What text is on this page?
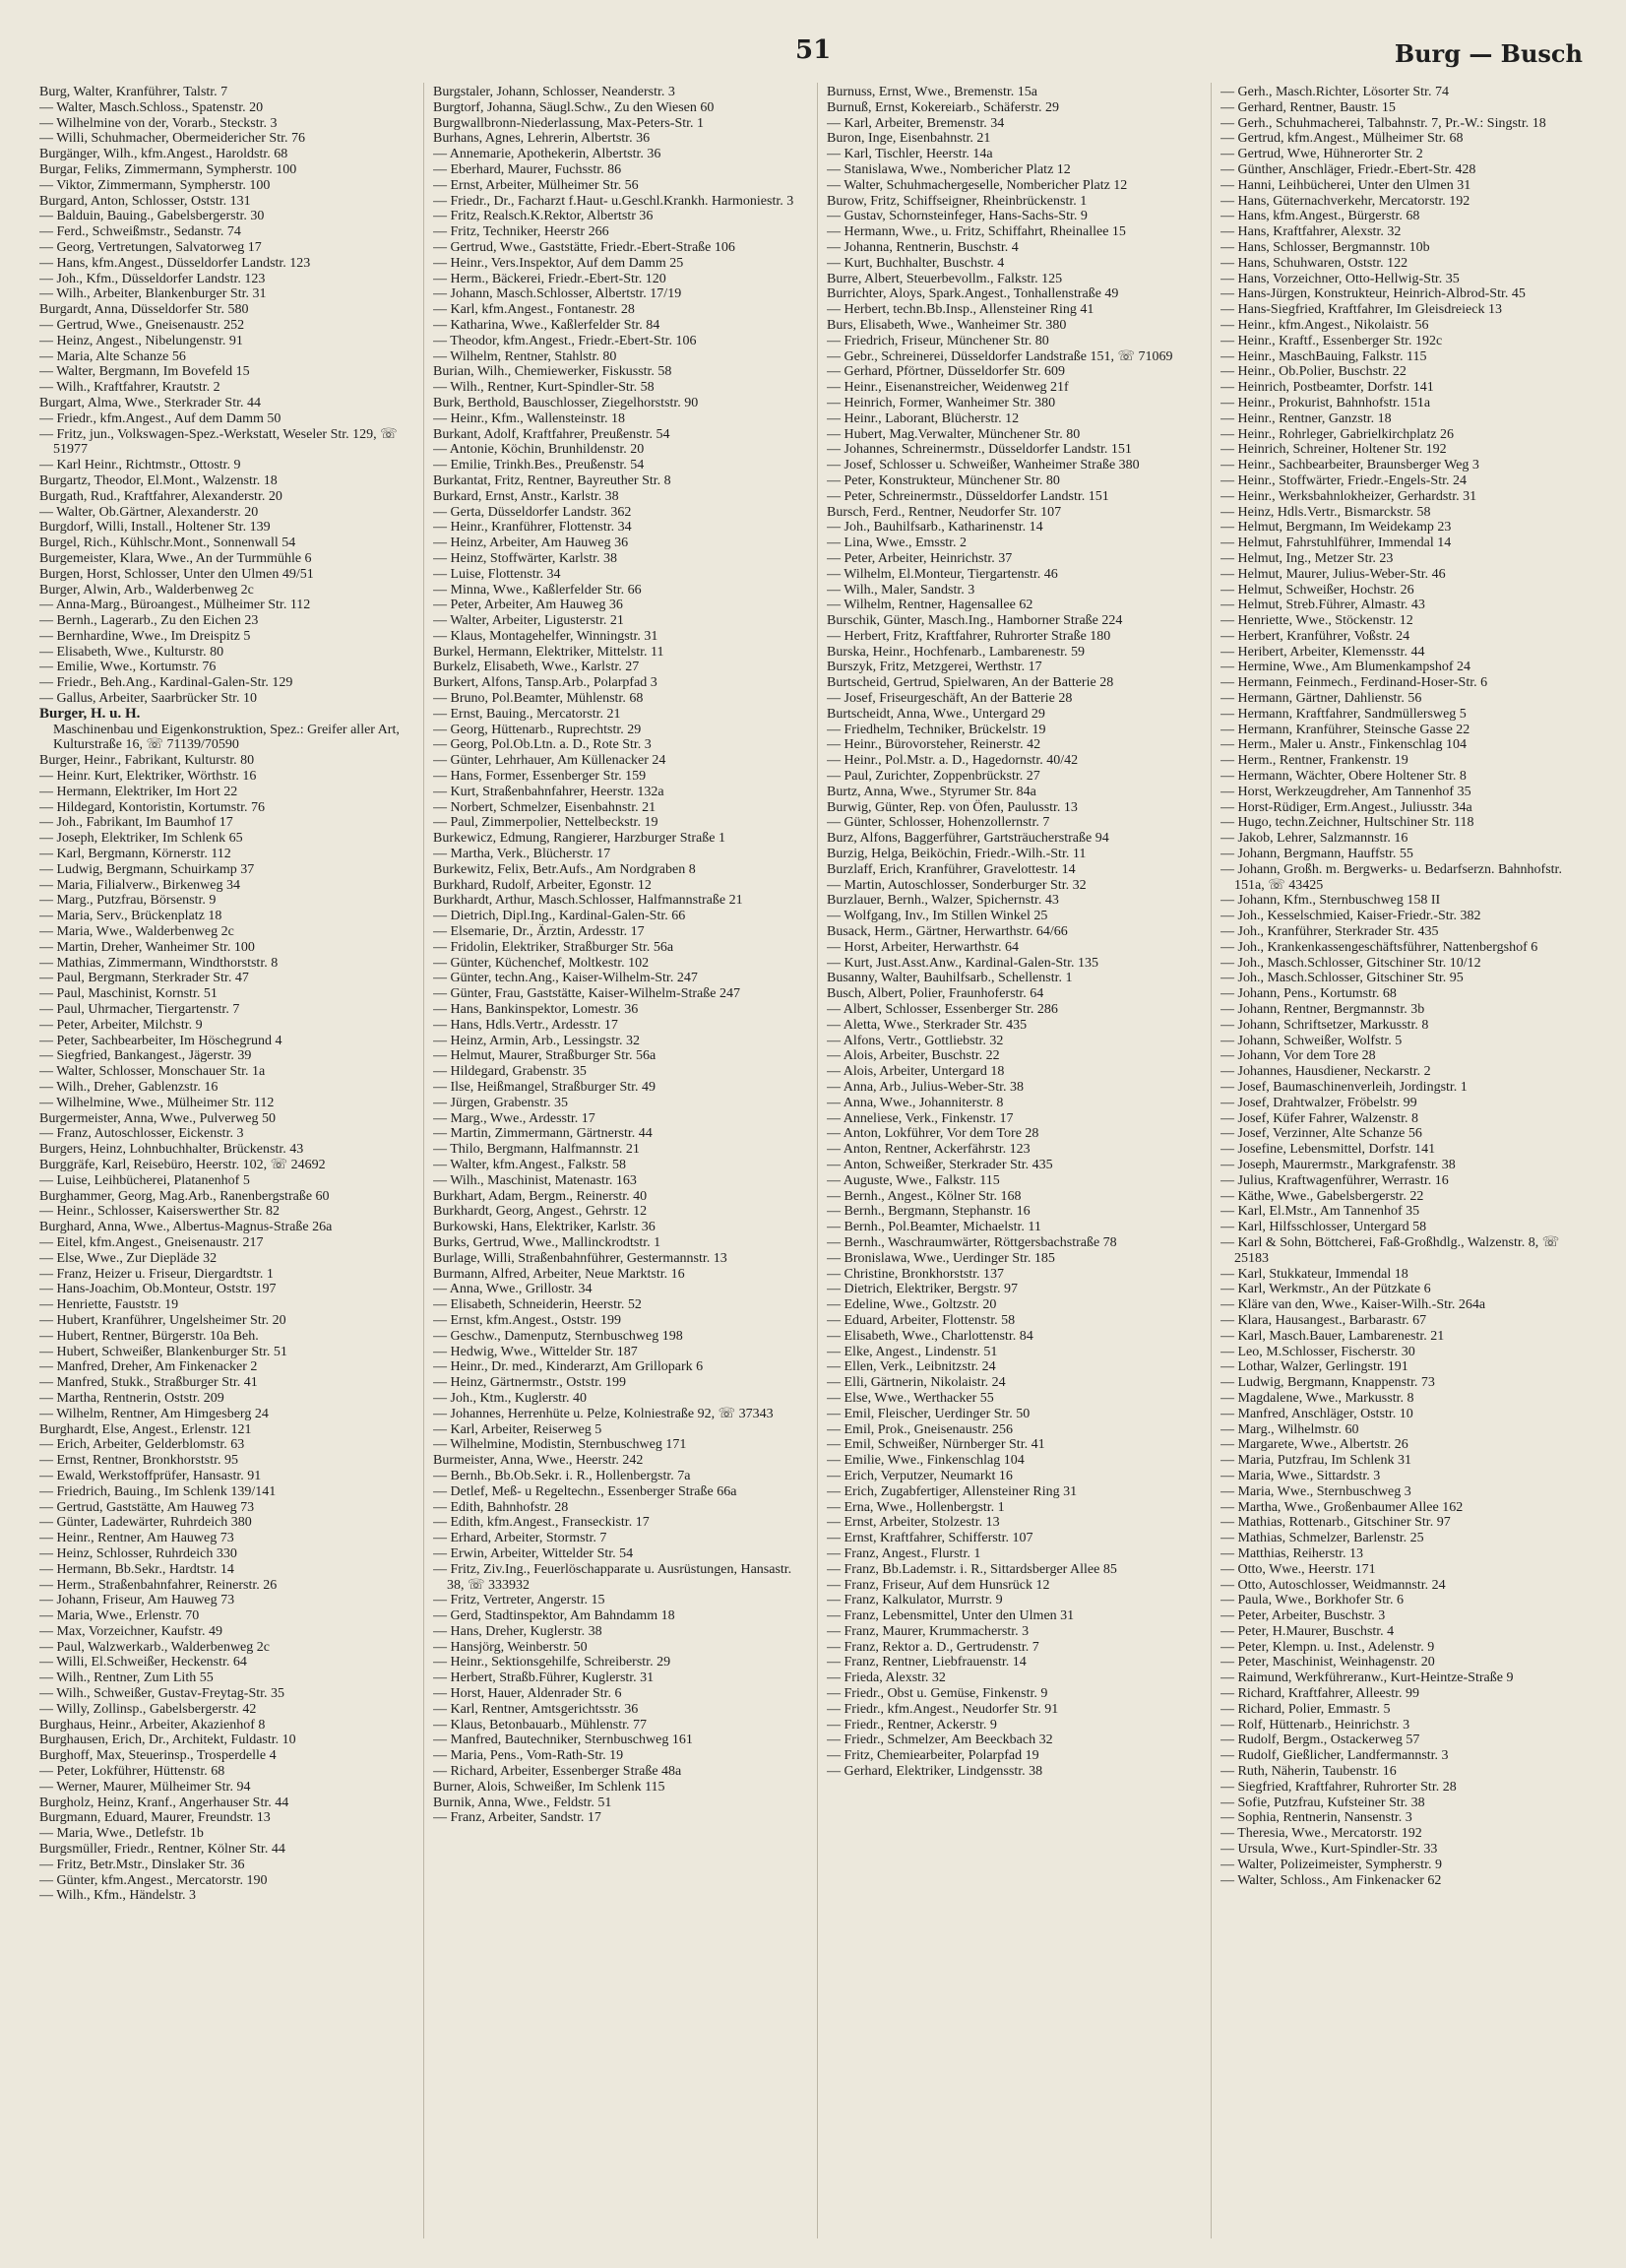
51	Burg — Busch
Burg, Walter, Kranführer, Talstr. 7
— Walter, Masch.Schloss., Spatenstr. 20
— Wilhelmine von der, Vorarb., Steckstr. 3
— Willi, Schuhmacher, Obermeidericher Str. 76
Burgänger, Wilh., kfm.Angest., Haroldstr. 68
Burgar, Feliks, Zimmermann, Sympherstr. 100
— Viktor, Zimmermann, Sympherstr. 100
Burgard, Anton, Schlosser, Oststr. 131
— Balduin, Bauing., Gabelsbergerstr. 30
— Ferd., Schweißmstr., Sedanstr. 74
— Georg, Vertretungen, Salvatorweg 17
— Hans, kfm.Angest., Düsseldorfer Landstr. 123
— Joh., Kfm., Düsseldorfer Landstr. 123
— Wilh., Arbeiter, Blankenburger Str. 31
Burgardt, Anna, Düsseldorfer Str. 580
— Gertrud, Wwe., Gneisenaustr. 252
— Heinz, Angest., Nibelungenstr. 91
— Maria, Alte Schanze 56
— Walter, Bergmann, Im Bovefeld 15
— Wilh., Kraftfahrer, Krautstr. 2
Burgart, Alma, Wwe., Sterkrader Str. 44
— Friedr., kfm.Angest., Auf dem Damm 50
— Fritz, jun., Volkswagen-Spez.-Werkstatt, Weseler Str. 129, ☏ 51977
— Karl Heinr., Richtmstr., Ottostr. 9
Burgartz, Theodor, El.Mont., Walzenstr. 18
Burgath, Rud., Kraftfahrer, Alexanderstr. 20
— Walter, Ob.Gärtner, Alexanderstr. 20
Burgdorf, Willi, Install., Holtener Str. 139
Burgel, Rich., Kühlschr.Mont., Sonnenwall 54
Burgemeister, Klara, Wwe., An der Turmmühle 6
Burgen, Horst, Schlosser, Unter den Ulmen 49/51
Burger, Alwin, Arb., Walderbenweg 2c
— Anna-Marg., Büroangest., Mülheimer Str. 112
— Bernh., Lagerarb., Zu den Eichen 23
— Bernhardine, Wwe., Im Dreispitz 5
— Elisabeth, Wwe., Kulturstr. 80
— Emilie, Wwe., Kortumstr. 76
— Friedr., Beh.Ang., Kardinal-Galen-Str. 129
— Gallus, Arbeiter, Saarbrücker Str. 10
Burger, H. u. H.
Maschinenbau und Eigenkonstruktion, Spez.: Greifer aller Art, Kulturstraße 16, ☏ 71139/70590
Burger, Heinr., Fabrikant, Kulturstr. 80
— Heinr. Kurt, Elektriker, Wörthstr. 16
— Hermann, Elektriker, Im Hort 22
— Hildegard, Kontoristin, Kortumstr. 76
— Joh., Fabrikant, Im Baumhof 17
— Joseph, Elektriker, Im Schlenk 65
— Karl, Bergmann, Körnerstr. 112
— Ludwig, Bergmann, Schuirkamp 37
— Maria, Filialverw., Birkenweg 34
— Marg., Putzfrau, Börsenstr. 9
— Maria, Serv., Brückenplatz 18
— Maria, Wwe., Walderbenweg 2c
— Martin, Dreher, Wanheimer Str. 100
— Mathias, Zimmermann, Windthorststr. 8
— Paul, Bergmann, Sterkrader Str. 47
— Paul, Maschinist, Kornstr. 51
— Paul, Uhrmacher, Tiergartenstr. 7
— Peter, Arbeiter, Milchstr. 9
— Peter, Sachbearbeiter, Im Höschegrund 4
— Siegfried, Bankangest., Jägerstr. 39
— Walter, Schlosser, Monschauer Str. 1a
— Wilh., Dreher, Gablenzstr. 16
— Wilhelmine, Wwe., Mülheimer Str. 112
Burgermeister, Anna, Wwe., Pulverweg 50
— Franz, Autoschlosser, Eickenstr. 3
Burgers, Heinz, Lohnbuchhalter, Brückenstr. 43
Burggräfe, Karl, Reisebüro, Heerstr. 102, ☏ 24692
— Luise, Leihbücherei, Platanenhof 5
Burghammer, Georg, Mag.Arb., Ranenbergstraße 60
— Heinr., Schlosser, Kaiserswerther Str. 82
Burghard, Anna, Wwe., Albertus-Magnus-Straße 26a
— Eitel, kfm.Angest., Gneisenaustr. 217
— Else, Wwe., Zur Diepläde 32
— Franz, Heizer u. Friseur, Diergardtstr. 1
— Hans-Joachim, Ob.Monteur, Oststr. 197
— Henriette, Fauststr. 19
— Hubert, Kranführer, Ungelsheimer Str. 20
— Hubert, Rentner, Bürgerstr. 10a Beh.
— Hubert, Schweißer, Blankenburger Str. 51
— Manfred, Dreher, Am Finkenacker 2
— Manfred, Stukk., Straßburger Str. 41
— Martha, Rentnerin, Oststr. 209
— Wilhelm, Rentner, Am Himgesberg 24
Burghardt, Else, Angest., Erlenstr. 121
— Erich, Arbeiter, Gelderblomstr. 63
— Ernst, Rentner, Bronkhorststr. 95
— Ewald, Werkstoffprüfer, Hansastr. 91
— Friedrich, Bauing., Im Schlenk 139/141
— Gertrud, Gaststätte, Am Hauweg 73
— Günter, Ladewärter, Ruhrdeich 380
— Heinr., Rentner, Am Hauweg 73
— Heinz, Schlosser, Ruhrdeich 330
— Hermann, Bb.Sekr., Hardtstr. 14
— Herm., Straßenbahnfahrer, Reinerstr. 26
— Johann, Friseur, Am Hauweg 73
— Maria, Wwe., Erlenstr. 70
— Max, Vorzeichner, Kaufstr. 49
— Paul, Walzwerkarb., Walderbenweg 2c
— Willi, El.Schweißer, Heckenstr. 64
— Wilh., Rentner, Zum Lith 55
— Wilh., Schweißer, Gustav-Freytag-Str. 35
— Willy, Zollinsp., Gabelsbergerstr. 42
Burghaus, Heinr., Arbeiter, Akazienhof 8
Burghausen, Erich, Dr., Architekt, Fuldastr. 10
Burghoff, Max, Steuerinsp., Trosperdelle 4
— Peter, Lokführer, Hüttenstr. 68
— Werner, Maurer, Mülheimer Str. 94
Burgholz, Heinz, Kranf., Angerhauser Str. 44
Burgmann, Eduard, Maurer, Freundstr. 13
— Maria, Wwe., Detlefstr. 1b
Burgsmüller, Friedr., Rentner, Kölner Str. 44
— Fritz, Betr.Mstr., Dinslaker Str. 36
— Günter, kfm.Angest., Mercatorstr. 190
— Wilh., Kfm., Händelstr. 3
Burgstaler, Johann, Schlosser, Neanderstr. 3
Burgtorf, Johanna, Säugl.Schw., Zu den Wiesen 60
Burgwallbronn-Niederlassung, Max-Peters-Str. 1
Burhans, Agnes, Lehrerin, Albertstr. 36
— Annemarie, Apothekerin, Albertstr. 36
— Eberhard, Maurer, Fuchsstr. 86
— Ernst, Arbeiter, Mülheimer Str. 56
— Friedr., Dr., Facharzt f.Haut- u.Geschl.Krankh. Harmoniestr. 3
— Fritz, Realsch.K.Rektor, Albertstr 36
— Fritz, Techniker, Heerstr 266
— Gertrud, Wwe., Gaststätte, Friedr.-Ebert-Straße 106
— Heinr., Vers.Inspektor, Auf dem Damm 25
— Herm., Bäckerei, Friedr.-Ebert-Str. 120
— Johann, Masch.Schlosser, Albertstr. 17/19
— Karl, kfm.Angest., Fontanestr. 28
— Katharina, Wwe., Kaßlerfelder Str. 84
— Theodor, kfm.Angest., Friedr.-Ebert-Str. 106
— Wilhelm, Rentner, Stahlstr. 80
Burian, Wilh., Chemiewerker, Fiskusstr. 58
— Wilh., Rentner, Kurt-Spindler-Str. 58
Burk, Berthold, Bauschlosser, Ziegelhorststr. 90
— Heinr., Kfm., Wallensteinstr. 18
Burkant, Adolf, Kraftfahrer, Preußenstr. 54
— Antonie, Köchin, Brunhildenstr. 20
— Emilie, Trinkh.Bes., Preußenstr. 54
Burkantat, Fritz, Rentner, Bayreuther Str. 8
Burkard, Ernst, Anstr., Karlstr. 38
— Gerta, Düsseldorfer Landstr. 362
— Heinr., Kranführer, Flottenstr. 34
— Heinz, Arbeiter, Am Hauweg 36
— Heinz, Stoffwärter, Karlstr. 38
— Luise, Flottenstr. 34
— Minna, Wwe., Kaßlerfelder Str. 66
— Peter, Arbeiter, Am Hauweg 36
— Walter, Arbeiter, Ligusterstr. 21
— Klaus, Montagehelfer, Winningstr. 31
Burkel, Hermann, Elektriker, Mittelstr. 11
Burkelz, Elisabeth, Wwe., Karlstr. 27
Burkert, Alfons, Tansp.Arb., Polarpfad 3
— Bruno, Pol.Beamter, Mühlenstr. 68
— Ernst, Bauing., Mercatorstr. 21
— Georg, Hüttenarb., Ruprechtstr. 29
— Georg, Pol.Ob.Ltn. a. D., Rote Str. 3
— Günter, Lehrhauer, Am Küllenacker 24
— Hans, Former, Essenberger Str. 159
— Kurt, Straßenbahnfahrer, Heerstr. 132a
— Norbert, Schmelzer, Eisenbahnstr. 21
— Paul, Zimmerpolier, Nettelbeckstr. 19
Burkewicz, Edmung, Rangierer, Harzburger Straße 1
— Martha, Verk., Blücherstr. 17
Burkewitz, Felix, Betr.Aufs., Am Nordgraben 8
Burkhard, Rudolf, Arbeiter, Egonstr. 12
Burkhardt, Arthur, Masch.Schlosser, Halfmannstraße 21
— Dietrich, Dipl.Ing., Kardinal-Galen-Str. 66
— Elsemarie, Dr., Ärztin, Ardesstr. 17
— Fridolin, Elektriker, Straßburger Str. 56a
— Günter, Küchenchef, Moltkestr. 102
— Günter, techn.Ang., Kaiser-Wilhelm-Str. 247
— Günter, Frau, Gaststätte, Kaiser-Wilhelm-Straße 247
— Hans, Bankinspektor, Lomestr. 36
— Hans, Hdls.Vertr., Ardesstr. 17
— Heinz, Armin, Arb., Lessingstr. 32
— Helmut, Maurer, Straßburger Str. 56a
— Hildegard, Grabenstr. 35
— Ilse, Heißmangel, Straßburger Str. 49
— Jürgen, Grabenstr. 35
— Marg., Wwe., Ardesstr. 17
— Martin, Zimmermann, Gärtnerstr. 44
— Thilo, Bergmann, Halfmannstr. 21
— Walter, kfm.Angest., Falkstr. 58
— Wilh., Maschinist, Matenastr. 163
Burkhart, Adam, Bergm., Reinerstr. 40
Burkhardt, Georg, Angest., Gehrstr. 12
Burkowski, Hans, Elektriker, Karlstr. 36
Burks, Gertrud, Wwe., Mallinckrodtstr. 1
Burlage, Willi, Straßenbahnführer, Gestermannstr. 13
Burmann, Alfred, Arbeiter, Neue Marktstr. 16
— Anna, Wwe., Grillostr. 34
— Elisabeth, Schneiderin, Heerstr. 52
— Ernst, kfm.Angest., Oststr. 199
— Geschw., Damenputz, Sternbuschweg 198
— Hedwig, Wwe., Wittelder Str. 187
— Heinr., Dr. med., Kinderarzt, Am Grillopark 6
— Heinz, Gärtnermstr., Oststr. 199
— Joh., Ktm., Kuglerstr. 40
— Johannes, Herrenhüte u. Pelze, Kolniestraße 92, ☏ 37343
— Karl, Arbeiter, Reiserweg 5
— Wilhelmine, Modistin, Sternbuschweg 171
Burmeister, Anna, Wwe., Heerstr. 242
— Bernh., Bb.Ob.Sekr. i. R., Hollenbergstr. 7a
— Detlef, Meß- u Regeltechn., Essenberger Straße 66a
— Edith, Bahnhofstr. 28
— Edith, kfm.Angest., Franseckistr. 17
— Erhard, Arbeiter, Stormstr. 7
— Erwin, Arbeiter, Wittelder Str. 54
— Fritz, Ziv.Ing., Feuerlöschapparate u. Ausrüstungen, Hansastr. 38, ☏ 333932
— Fritz, Vertreter, Angerstr. 15
— Gerd, Stadtinspektor, Am Bahndamm 18
— Hans, Dreher, Kuglerstr. 38
— Hansjörg, Weinberstr. 50
— Heinr., Sektionsgehilfe, Schreiberstr. 29
— Herbert, Straßb.Führer, Kuglerstr. 31
— Horst, Hauer, Aldenrader Str. 6
— Karl, Rentner, Amtsgerichtsstr. 36
— Klaus, Betonbauarb., Mühlenstr. 77
— Manfred, Bautechniker, Sternbuschweg 161
— Maria, Pens., Vom-Rath-Str. 19
— Richard, Arbeiter, Essenberger Straße 48a
Burner, Alois, Schweißer, Im Schlenk 115
Burnik, Anna, Wwe., Feldstr. 51
— Franz, Arbeiter, Sandstr. 17
Burnuss, Ernst, Wwe., Bremenstr. 15a
Burnuß, Ernst, Kokereiarb., Schäferstr. 29
— Karl, Arbeiter, Bremenstr. 34
Buron, Inge, Eisenbahnstr. 21
— Karl, Tischler, Heerstr. 14a
— Stanislawa, Wwe., Nombericher Platz 12
— Walter, Schuhmachergeselle, Nombericher Platz 12
Burow, Fritz, Schiffseigner, Rheinbrückenstr. 1
— Gustav, Schornsteinfeger, Hans-Sachs-Str. 9
— Hermann, Wwe., u. Fritz, Schiffahrt, Rheinallee 15
— Johanna, Rentnerin, Buschstr. 4
— Kurt, Buchhalter, Buschstr. 4
Burre, Albert, Steuerbevollm., Falkstr. 125
Burrichter, Aloys, Spark.Angest., Tonhallenstraße 49
— Herbert, techn.Bb.Insp., Allensteiner Ring 41
Burs, Elisabeth, Wwe., Wanheimer Str. 380
— Friedrich, Friseur, Münchener Str. 80
— Gebr., Schreinerei, Düsseldorfer Landstraße 151, ☏ 71069
— Gerhard, Pförtner, Düsseldorfer Str. 609
— Heinr., Eisenanstreicher, Weidenweg 21f
— Heinrich, Former, Wanheimer Str. 380
— Heinr., Laborant, Blücherstr. 12
— Hubert, Mag.Verwalter, Münchener Str. 80
— Johannes, Schreinermstr., Düsseldorfer Landstr. 151
— Josef, Schlosser u. Schweißer, Wanheimer Straße 380
— Peter, Konstrukteur, Münchener Str. 80
— Peter, Schreinermstr., Düsseldorfer Landstr. 151
Bursch, Ferd., Rentner, Neudorfer Str. 107
— Joh., Bauhilfsarb., Katharinenstr. 14
— Lina, Wwe., Emsstr. 2
— Peter, Arbeiter, Heinrichstr. 37
— Wilhelm, El.Monteur, Tiergartenstr. 46
— Wilh., Maler, Sandstr. 3
— Wilhelm, Rentner, Hagensallee 62
Burschik, Günter, Masch.Ing., Hamborner Straße 224
— Herbert, Fritz, Kraftfahrer, Ruhrorter Straße 180
Burska, Heinr., Hochfenarb., Lambarenestr. 59
Burszyk, Fritz, Metzgerei, Werthstr. 17
Burtscheid, Gertrud, Spielwaren, An der Batterie 28
— Josef, Friseurgeschäft, An der Batterie 28
Burtscheidt, Anna, Wwe., Untergard 29
— Friedhelm, Techniker, Brückelstr. 19
— Heinr., Bürovorsteher, Reinerstr. 42
— Heinr., Pol.Mstr. a. D., Hagedornstr. 40/42
— Paul, Zurichter, Zoppenbrückstr. 27
Burtz, Anna, Wwe., Styrumer Str. 84a
Burwig, Günter, Rep. von Öfen, Paulusstr. 13
— Günter, Schlosser, Hohenzollernstr. 7
Burz, Alfons, Baggerführer, Gartsträucherstraße 94
Burzig, Helga, Beiköchin, Friedr.-Wilh.-Str. 11
Burzlaff, Erich, Kranführer, Gravelottestr. 14
— Martin, Autoschlosser, Sonderburger Str. 32
Burzlauer, Bernh., Walzer, Spichernstr. 43
— Wolfgang, Inv., Im Stillen Winkel 25
Busack, Herm., Gärtner, Herwarthstr. 64/66
— Horst, Arbeiter, Herwarthstr. 64
— Kurt, Just.Asst.Anw., Kardinal-Galen-Str. 135
Busanny, Walter, Bauhilfsarb., Schellenstr. 1
Busch, Albert, Polier, Fraunhoferstr. 64
— Albert, Schlosser, Essenberger Str. 286
— Aletta, Wwe., Sterkrader Str. 435
— Alfons, Vertr., Gottliebstr. 32
— Alois, Arbeiter, Buschstr. 22
— Alois, Arbeiter, Untergard 18
— Anna, Arb., Julius-Weber-Str. 38
— Anna, Wwe., Johanniterstr. 8
— Anneliese, Verk., Finkenstr. 17
— Anton, Lokführer, Vor dem Tore 28
— Anton, Rentner, Ackerfährstr. 123
— Anton, Schweißer, Sterkrader Str. 435
— Auguste, Wwe., Falkstr. 115
— Bernh., Angest., Kölner Str. 168
— Bernh., Bergmann, Stephanstr. 16
— Bernh., Pol.Beamter, Michaelstr. 11
— Bernh., Waschraumwärter, Röttgersbachstraße 78
— Bronislawa, Wwe., Uerdinger Str. 185
— Christine, Bronkhorststr. 137
— Dietrich, Elektriker, Bergstr. 97
— Edeline, Wwe., Goltzstr. 20
— Eduard, Arbeiter, Flottenstr. 58
— Elisabeth, Wwe., Charlottenstr. 84
— Elke, Angest., Lindenstr. 51
— Ellen, Verk., Leibnitzstr. 24
— Elli, Gärtnerin, Nikolaistr. 24
— Else, Wwe., Werthacker 55
— Emil, Fleischer, Uerdinger Str. 50
— Emil, Prok., Gneisenaustr. 256
— Emil, Schweißer, Nürnberger Str. 41
— Emilie, Wwe., Finkenschlag 104
— Erich, Verputzer, Neumarkt 16
— Erich, Zugabfertiger, Allensteiner Ring 31
— Erna, Wwe., Hollenbergstr. 1
— Ernst, Arbeiter, Stolzestr. 13
— Ernst, Kraftfahrer, Schifferstr. 107
— Franz, Angest., Flurstr. 1
— Franz, Bb.Lademstr. i. R., Sittardsberger Allee 85
— Franz, Friseur, Auf dem Hunsrück 12
— Franz, Kalkulator, Murrstr. 9
— Franz, Lebensmittel, Unter den Ulmen 31
— Franz, Maurer, Krummacherstr. 3
— Franz, Rektor a. D., Gertrudenstr. 7
— Franz, Rentner, Liebfrauenstr. 14
— Frieda, Alexstr. 32
— Friedr., Obst u. Gemüse, Finkenstr. 9
— Friedr., kfm.Angest., Neudorfer Str. 91
— Friedr., Rentner, Ackerstr. 9
— Friedr., Schmelzer, Am Beeckbach 32
— Fritz, Chemiearbeiter, Polarpfad 19
— Gerhard, Elektriker, Lindgensstr. 38
— Gerh., Masch.Richter, Lösorter Str. 74
— Gerhard, Rentner, Baustr. 15
— Gerh., Schuhmacherei, Talbahnstr. 7, Pr.-W.: Singstr. 18
— Gertrud, kfm.Angest., Mülheimer Str. 68
— Gertrud, Wwe, Hühnerorter Str. 2
— Günther, Anschläger, Friedr.-Ebert-Str. 428
— Hanni, Leihbücherei, Unter den Ulmen 31
— Hans, Güternachverkehr, Mercatorstr. 192
— Hans, kfm.Angest., Bürgerstr. 68
— Hans, Kraftfahrer, Alexstr. 32
— Hans, Schlosser, Bergmannstr. 10b
— Hans, Schuhwaren, Oststr. 122
— Hans, Vorzeichner, Otto-Hellwig-Str. 35
— Hans-Jürgen, Konstrukteur, Heinrich-Albrod-Str. 45
— Hans-Siegfried, Kraftfahrer, Im Gleisdreieck 13
— Heinr., kfm.Angest., Nikolaistr. 56
— Heinr., Kraftf., Essenberger Str. 192c
— Heinr., MaschBauing, Falkstr. 115
— Heinr., Ob.Polier, Buschstr. 22
— Heinrich, Postbeamter, Dorfstr. 141
— Heinr., Prokurist, Bahnhofstr. 151a
— Heinr., Rentner, Ganzstr. 18
— Heinr., Rohrleger, Gabrielkirchplatz 26
— Heinrich, Schreiner, Holtener Str. 192
— Heinr., Sachbearbeiter, Braunsberger Weg 3
— Heinr., Stoffwärter, Friedr.-Engels-Str. 24
— Heinr., Werksbahnlokheizer, Gerhardstr. 31
— Heinz, Hdls.Vertr., Bismarckstr. 58
— Helmut, Bergmann, Im Weidekamp 23
— Helmut, Fahrstuhlführer, Immendal 14
— Helmut, Ing., Metzer Str. 23
— Helmut, Maurer, Julius-Weber-Str. 46
— Helmut, Schweißer, Hochstr. 26
— Helmut, Streb.Führer, Almastr. 43
— Henriette, Wwe., Stöckenstr. 12
— Herbert, Kranführer, Voßstr. 24
— Heribert, Arbeiter, Klemensstr. 44
— Hermine, Wwe., Am Blumenkampshof 24
— Hermann, Feinmech., Ferdinand-Hoser-Str. 6
— Hermann, Gärtner, Dahlienstr. 56
— Hermann, Kraftfahrer, Sandmüllersweg 5
— Hermann, Kranführer, Steinsche Gasse 22
— Herm., Maler u. Anstr., Finkenschlag 104
— Herm., Rentner, Frankenstr. 19
— Hermann, Wächter, Obere Holtener Str. 8
— Horst, Werkzeugdreher, Am Tannenhof 35
— Horst-Rüdiger, Erm.Angest., Juliusstr. 34a
— Hugo, techn.Zeichner, Hultschiner Str. 118
— Jakob, Lehrer, Salzmannstr. 16
— Johann, Bergmann, Hauffstr. 55
— Johann, Großh. m. Bergwerks- u. Bedarfserzn. Bahnhofstr. 151a, ☏ 43425
— Johann, Kfm., Sternbuschweg 158 II
— Joh., Kesselschmied, Kaiser-Friedr.-Str. 382
— Joh., Kranführer, Sterkrader Str. 435
— Joh., Krankenkassengeschäftsführer, Nattenbergshof 6
— Joh., Masch.Schlosser, Gitschiner Str. 10/12
— Joh., Masch.Schlosser, Gitschiner Str. 95
— Johann, Pens., Kortumstr. 68
— Johann, Rentner, Bergmannstr. 3b
— Johann, Schriftsetzer, Markusstr. 8
— Johann, Schweißer, Wolfstr. 5
— Johann, Vor dem Tore 28
— Johannes, Hausdiener, Neckarstr. 2
— Josef, Baumaschinenverleih, Jordingstr. 1
— Josef, Drahtwalzer, Fröbelstr. 99
— Josef, Küfer Fahrer, Walzenstr. 8
— Josef, Verzinner, Alte Schanze 56
— Josefine, Lebensmittel, Dorfstr. 141
— Joseph, Maurermstr., Markgrafenstr. 38
— Julius, Kraftwagenführer, Werrastr. 16
— Käthe, Wwe., Gabelsbergerstr. 22
— Karl, El.Mstr., Am Tannenhof 35
— Karl, Hilfsschlosser, Untergard 58
— Karl & Sohn, Böttcherei, Faß-Großhdlg., Walzenstr. 8, ☏ 25183
— Karl, Stukkateur, Immendal 18
— Karl, Werkmstr., An der Pützkate 6
— Kläre van den, Wwe., Kaiser-Wilh.-Str. 264a
— Klara, Hausangest., Barbarastr. 67
— Karl, Masch.Bauer, Lambarenestr. 21
— Leo, M.Schlosser, Fischerstr. 30
— Lothar, Walzer, Gerlingstr. 191
— Ludwig, Bergmann, Knappenstr. 73
— Magdalene, Wwe., Markusstr. 8
— Manfred, Anschläger, Oststr. 10
— Marg., Wilhelmstr. 60
— Margarete, Wwe., Albertstr. 26
— Maria, Putzfrau, Im Schlenk 31
— Maria, Wwe., Sittardstr. 3
— Maria, Wwe., Sternbuschweg 3
— Martha, Wwe., Großenbaumer Allee 162
— Mathias, Rottenarb., Gitschiner Str. 97
— Mathias, Schmelzer, Barlenstr. 25
— Matthias, Reiherstr. 13
— Otto, Wwe., Heerstr. 171
— Otto, Autoschlosser, Weidmannstr. 24
— Paula, Wwe., Borkhofer Str. 6
— Peter, Arbeiter, Buschstr. 3
— Peter, H.Maurer, Buschstr. 4
— Peter, Klempn. u. Inst., Adelenstr. 9
— Peter, Maschinist, Weinhagenstr. 20
— Raimund, Werkführeranw., Kurt-Heintze-Straße 9
— Richard, Kraftfahrer, Alleestr. 99
— Richard, Polier, Emmastr. 5
— Rolf, Hüttenarb., Heinrichstr. 3
— Rudolf, Bergm., Ostackerweg 57
— Rudolf, Gießlicher, Landfermannstr. 3
— Ruth, Näherin, Taubenstr. 16
— Siegfried, Kraftfahrer, Ruhrorter Str. 28
— Sofie, Putzfrau, Kufsteiner Str. 38
— Sophia, Rentnerin, Nansenstr. 3
— Theresia, Wwe., Mercatorstr. 192
— Ursula, Wwe., Kurt-Spindler-Str. 33
— Walter, Polizeimeister, Sympherstr. 9
— Walter, Schloss., Am Finkenacker 62
